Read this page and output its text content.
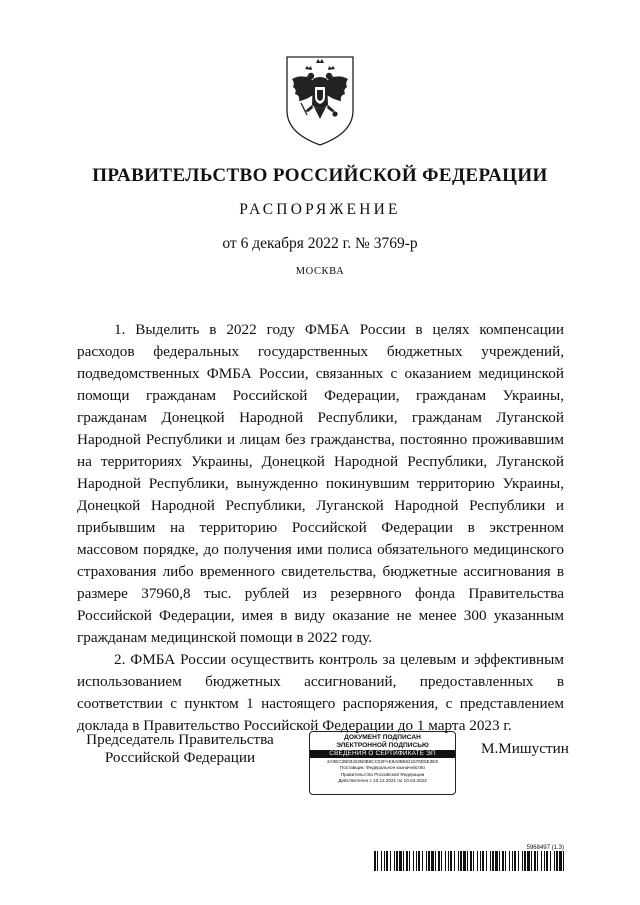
ПРАВИТЕЛЬСТВО РОССИЙСКОЙ ФЕДЕРАЦИИ
РАСПОРЯЖЕНИЕ
от 6 декабря 2022 г. № 3769-р
МОСКВА

1. Выделить в 2022 году ФМБА России в целях компенсации расходов федеральных государственных бюджетных учреждений, подведомственных ФМБА России, связанных с оказанием медицинской помощи гражданам Российской Федерации, гражданам Украины, гражданам Донецкой Народной Республики, гражданам Луганской Народной Республики и лицам без гражданства, постоянно проживавшим на территориях Украины, Донецкой Народной Республики, Луганской Народной Республики, вынужденно покинувшим территорию Украины, Донецкой Народной Республики, Луганской Народной Республики и прибывшим на территорию Российской Федерации в экстренном массовом порядке, до получения ими полиса обязательного медицинского страхования либо временного свидетельства, бюджетные ассигнования в размере 37960,8 тыс. рублей из резервного фонда Правительства Российской Федерации, имея в виду оказание не менее 300 указанным гражданам медицинской помощи в 2022 году.

2. ФМБА России осуществить контроль за целевым и эффективным использованием бюджетных ассигнований, предоставленных в соответствии с пунктом 1 настоящего распоряжения, с представлением доклада в Правительство Российской Федерации до 1 марта 2023 г.

Председатель Правительства
Российской Федерации
ДОКУМЕНТ ПОДПИСАН
ЭЛЕКТРОННОЙ ПОДПИСЬЮ
СВЕДЕНИЯ О СЕРТИФИКАТЕ ЭП
2A0EC2B03432B0B8CC02FAE9A0B6621576D5E3E8
Поставщик: Федеральное казначейство
Правительство Российской Федерации
Действителен с 10.12.2021 по 10.03.2023
М.Мишустин
5968497 (1.3)
